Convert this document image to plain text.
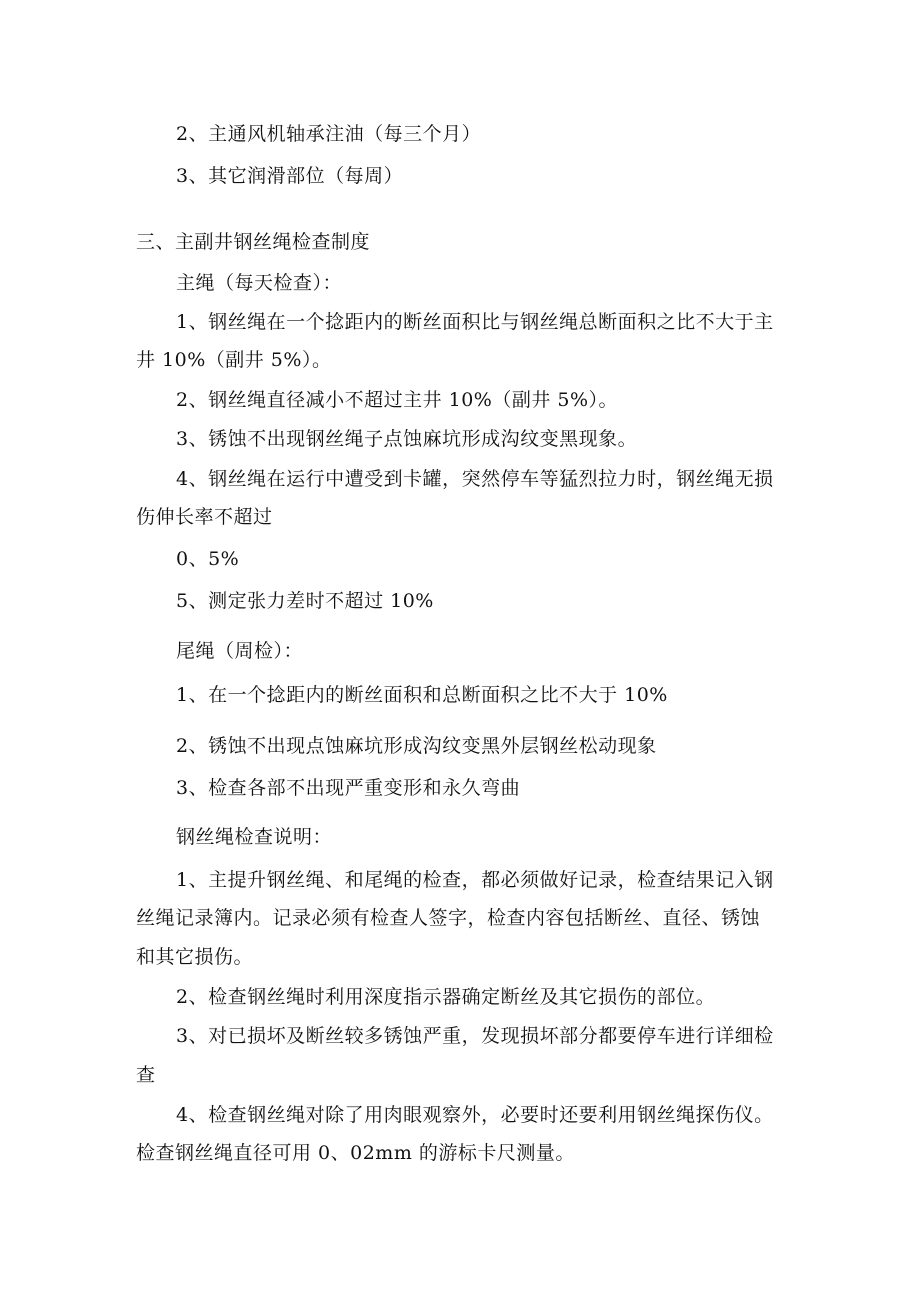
2、主通风机轴承注油（每三个月）
3、其它润滑部位（每周）
三、主副井钢丝绳检查制度
主绳（每天检查）：
1、钢丝绳在一个捻距内的断丝面积比与钢丝绳总断面积之比不大于主
井 10%（副井 5%）。
2、钢丝绳直径减小不超过主井 10%（副井 5%）。
3、锈蚀不出现钢丝绳子点蚀麻坑形成沟纹变黑现象。
4、钢丝绳在运行中遭受到卡罐，突然停车等猛烈拉力时，钢丝绳无损
伤伸长率不超过
0、5%
5、测定张力差时不超过 10%
尾绳（周检）：
1、在一个捻距内的断丝面积和总断面积之比不大于 10%
2、锈蚀不出现点蚀麻坑形成沟纹变黑外层钢丝松动现象
3、检查各部不出现严重变形和永久弯曲
钢丝绳检查说明：
1、主提升钢丝绳、和尾绳的检查，都必须做好记录，检查结果记入钢
丝绳记录簿内。记录必须有检查人签字，检查内容包括断丝、直径、锈蚀
和其它损伤。
2、检查钢丝绳时利用深度指示器确定断丝及其它损伤的部位。
3、对已损坏及断丝较多锈蚀严重，发现损坏部分都要停车进行详细检
查
4、检查钢丝绳对除了用肉眼观察外，必要时还要利用钢丝绳探伤仪。
检查钢丝绳直径可用 0、02mm 的游标卡尺测量。
